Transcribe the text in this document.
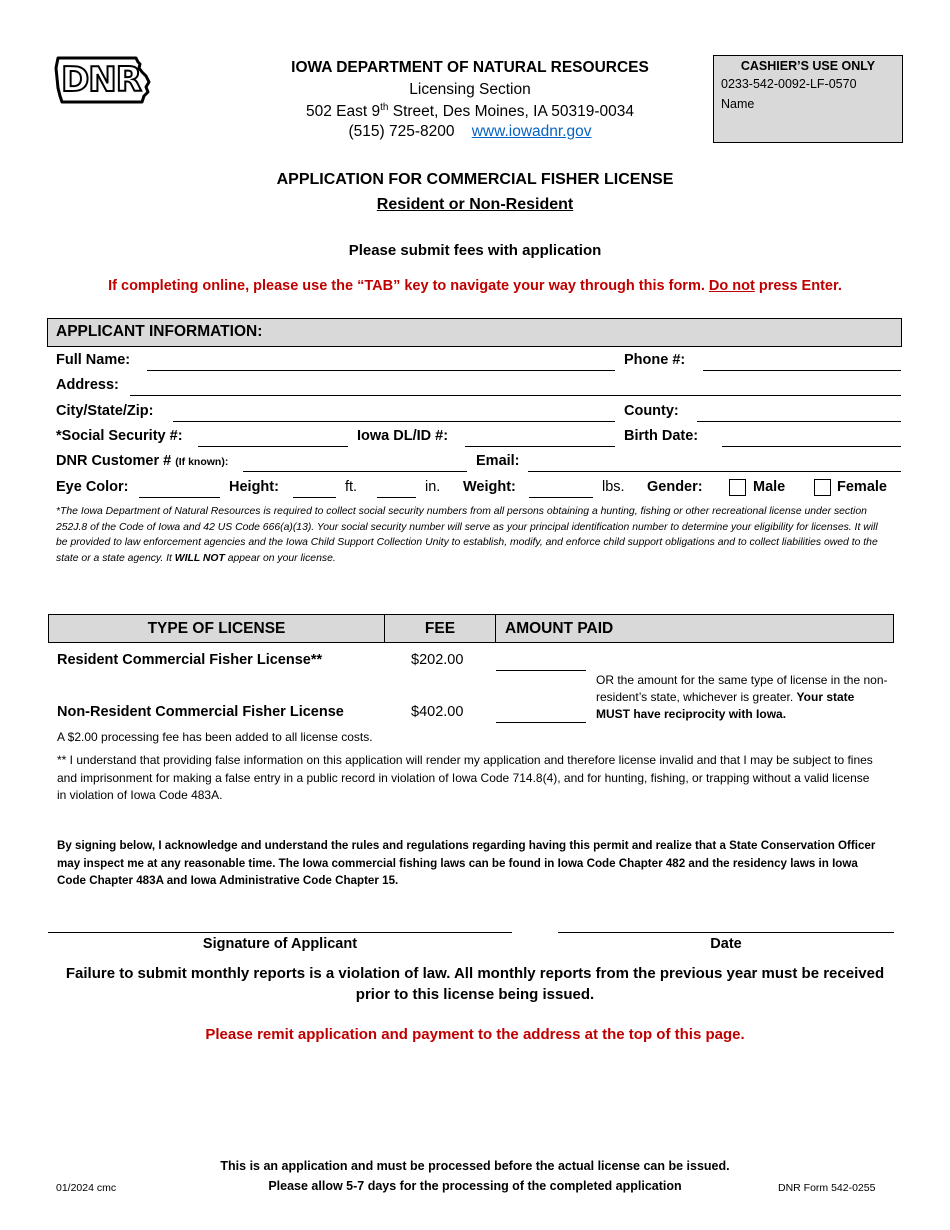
DNR	IOWA DEPARTMENT OF NATURAL RESOURCES
Licensing Section
502 East 9th Street, Des Moines, IA 50319-0034
(515) 725-8200 www.iowadnr.gov
CASHIER’S USE ONLY
0233-542-0092-LF-0570
Name
APPLICATION FOR COMMERCIAL FISHER LICENSE
Resident or Non-Resident
Please submit fees with application
If completing online, please use the “TAB” key to navigate your way through this form. Do not press Enter.
APPLICANT INFORMATION:
Full Name:	Phone #:
Address:
City/State/Zip:	County:
*Social Security #:	Iowa DL/ID #:	Birth Date:
DNR Customer # (If known):	Email:
Eye Color:	Height:	ft.	in. Weight:	lbs. Gender:	Male	Female
*The Iowa Department of Natural Resources is required to collect social security numbers from all persons obtaining a hunting, fishing or other recreational license under section 252J.8 of the Code of Iowa and 42 US Code 666(a)(13). Your social security number will serve as your principal identification number to determine your eligibility for licenses. It will be provided to law enforcement agencies and the Iowa Child Support Collection Unity to establish, modify, and enforce child support obligations and to collect liabilities owed to the state or a state agency. It WILL NOT appear on your license.
TYPE OF LICENSE	FEE	AMOUNT PAID
Resident Commercial Fisher License**	$202.00
Non-Resident Commercial Fisher License	$402.00
OR the amount for the same type of license in the non-resident’s state, whichever is greater. Your state MUST have reciprocity with Iowa.
A $2.00 processing fee has been added to all license costs.
** I understand that providing false information on this application will render my application and therefore license invalid and that I may be subject to fines and imprisonment for making a false entry in a public record in violation of Iowa Code 714.8(4), and for hunting, fishing, or trapping without a valid license in violation of Iowa Code 483A.
By signing below, I acknowledge and understand the rules and regulations regarding having this permit and realize that a State Conservation Officer may inspect me at any reasonable time. The Iowa commercial fishing laws can be found in Iowa Code Chapter 482 and the residency laws in Iowa Code Chapter 483A and Iowa Administrative Code Chapter 15.
Signature of Applicant	Date
Failure to submit monthly reports is a violation of law. All monthly reports from the previous year must be received prior to this license being issued.
Please remit application and payment to the address at the top of this page.
This is an application and must be processed before the actual license can be issued.
Please allow 5-7 days for the processing of the completed application
01/2024 cmc	DNR Form 542-0255
